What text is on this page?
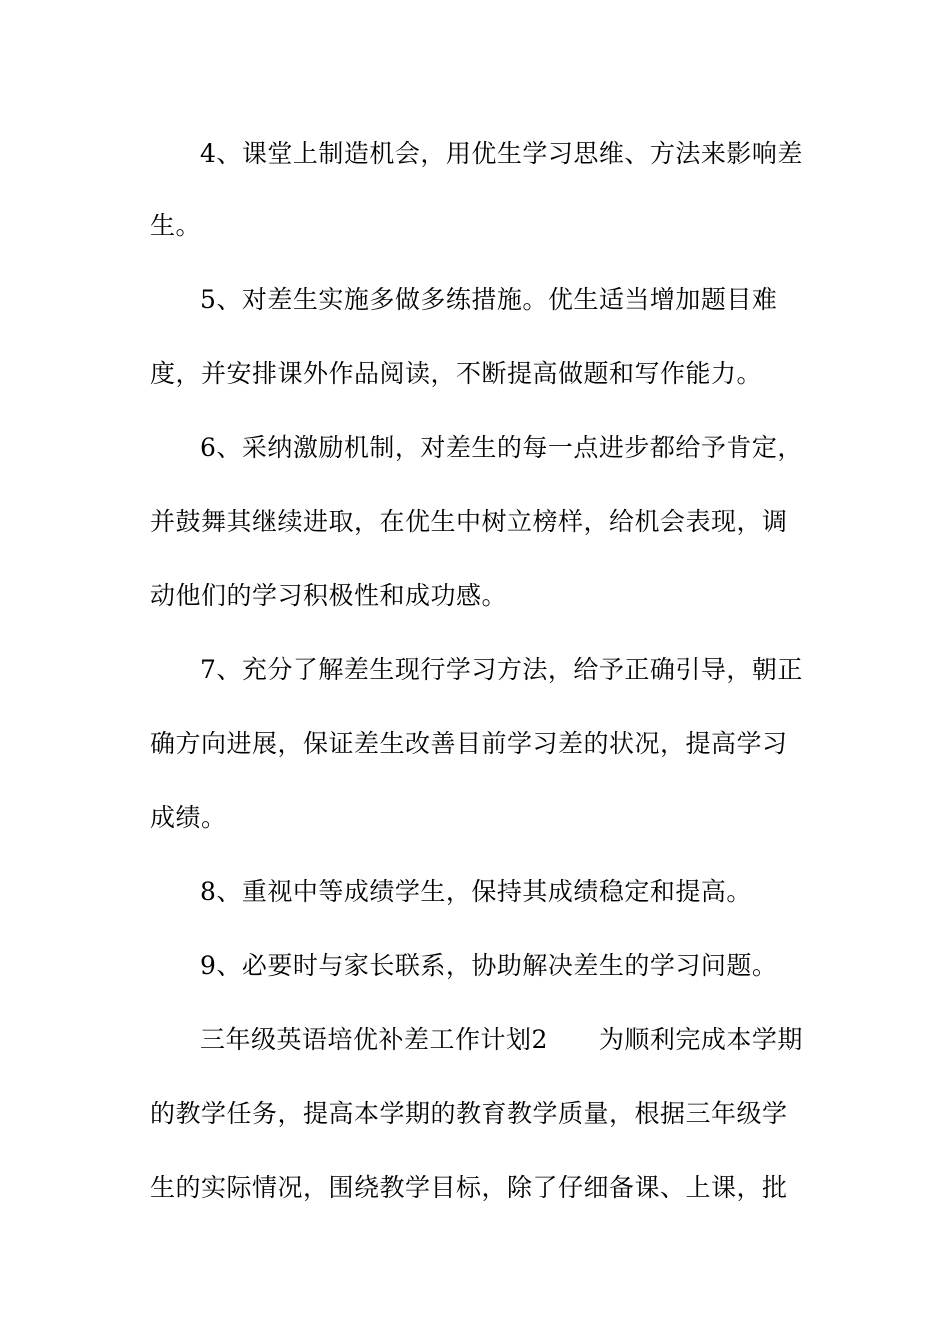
4、课堂上制造机会，用优生学习思维、方法来影响差
生。
5、对差生实施多做多练措施。优生适当增加题目难
度，并安排课外作品阅读，不断提高做题和写作能力。
6、采纳激励机制，对差生的每一点进步都给予肯定，
并鼓舞其继续进取，在优生中树立榜样，给机会表现，调
动他们的学习积极性和成功感。
7、充分了解差生现行学习方法，给予正确引导，朝正
确方向进展，保证差生改善目前学习差的状况，提高学习
成绩。
8、重视中等成绩学生，保持其成绩稳定和提高。
9、必要时与家长联系，协助解决差生的学习问题。
三年级英语培优补差工作计划2　　为顺利完成本学期
的教学任务，提高本学期的教育教学质量，根据三年级学
生的实际情况，围绕教学目标，除了仔细备课、上课，批
